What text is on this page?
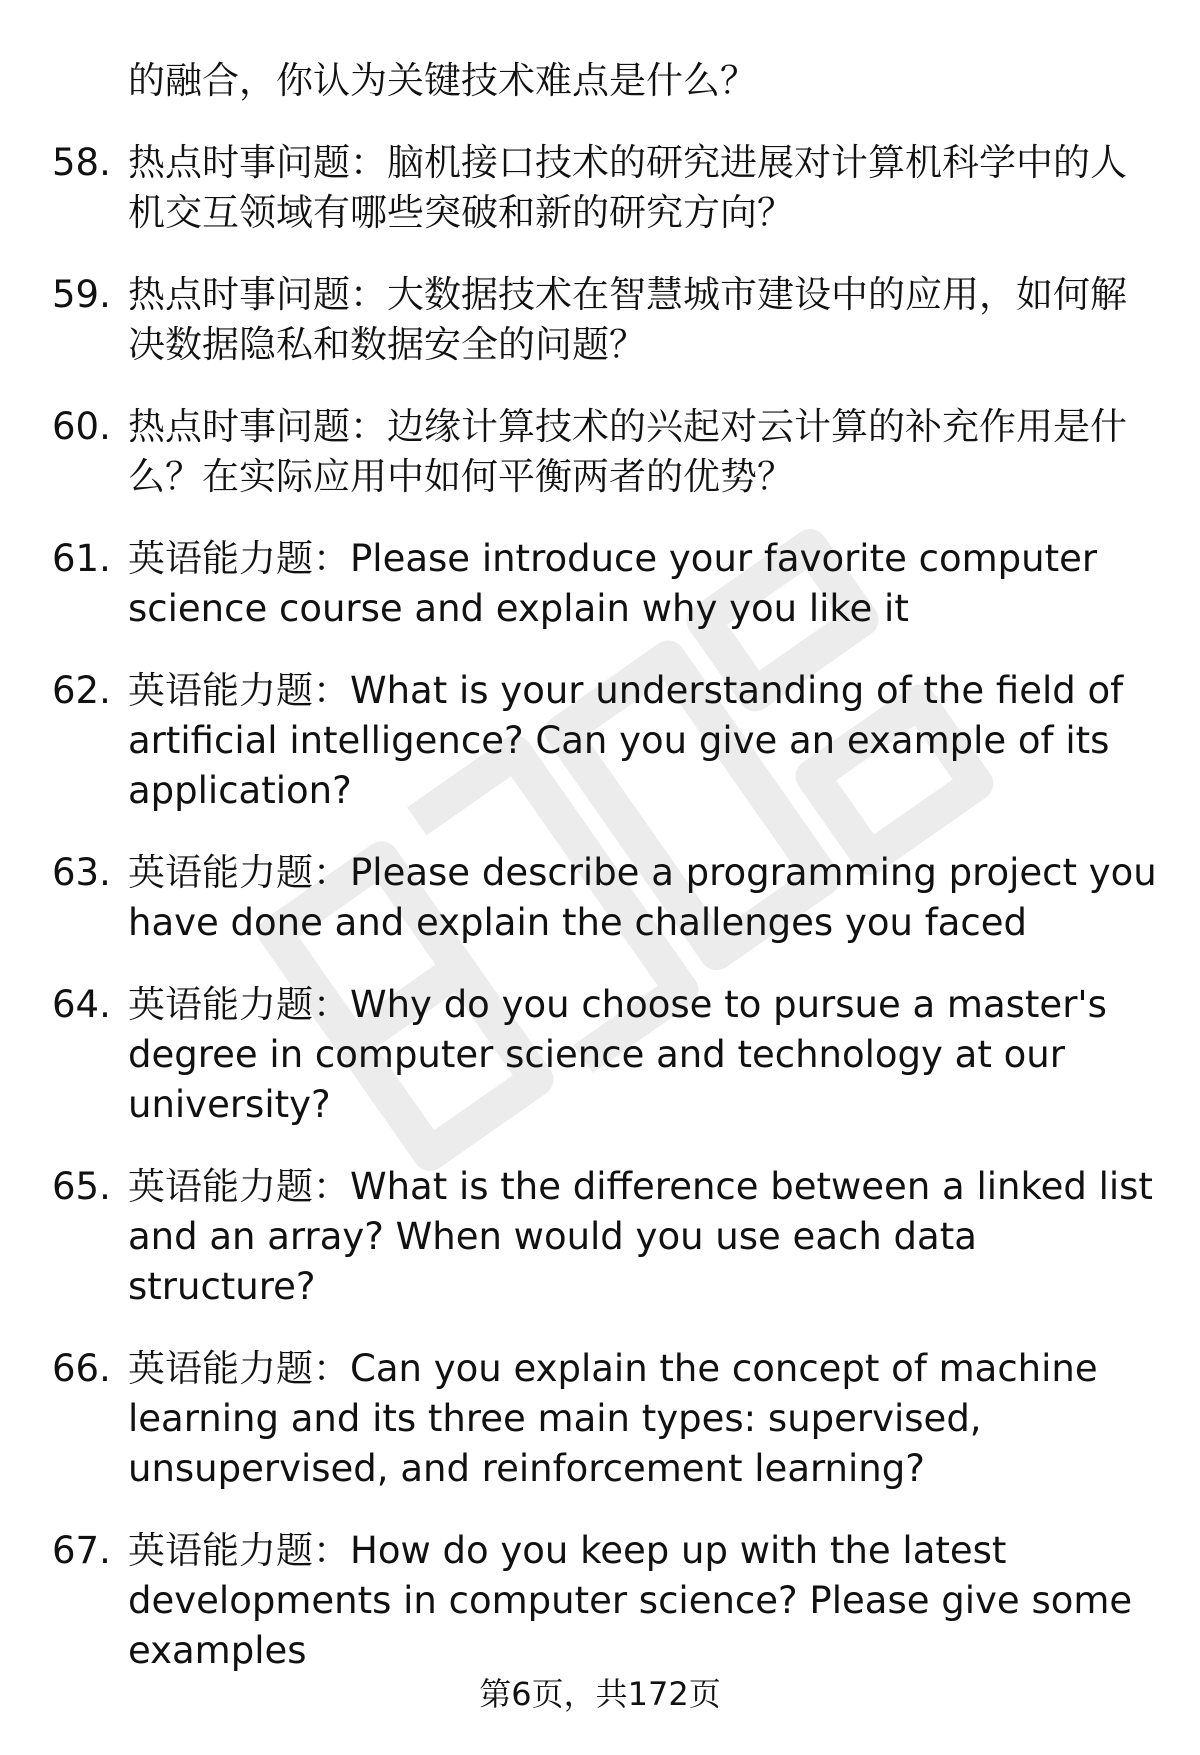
的融合，你认为关键技术难点是什么？

58. 热点时事问题：脑机接口技术的研究进展对计算机科学中的人机交互领域有哪些突破和新的研究方向？
59. 热点时事问题：大数据技术在智慧城市建设中的应用，如何解决数据隐私和数据安全的问题？
60. 热点时事问题：边缘计算技术的兴起对云计算的补充作用是什么？在实际应用中如何平衡两者的优势？
61. 英语能力题：Please introduce your favorite computer science course and explain why you like it
62. 英语能力题：What is your understanding of the field of artificial intelligence? Can you give an example of its application?
63. 英语能力题：Please describe a programming project you have done and explain the challenges you faced
64. 英语能力题：Why do you choose to pursue a master's degree in computer science and technology at our university?
65. 英语能力题：What is the difference between a linked list and an array? When would you use each data structure?
66. 英语能力题：Can you explain the concept of machine learning and its three main types: supervised, unsupervised, and reinforcement learning?
67. 英语能力题：How do you keep up with the latest developments in computer science? Please give some examples
第6页，共172页
